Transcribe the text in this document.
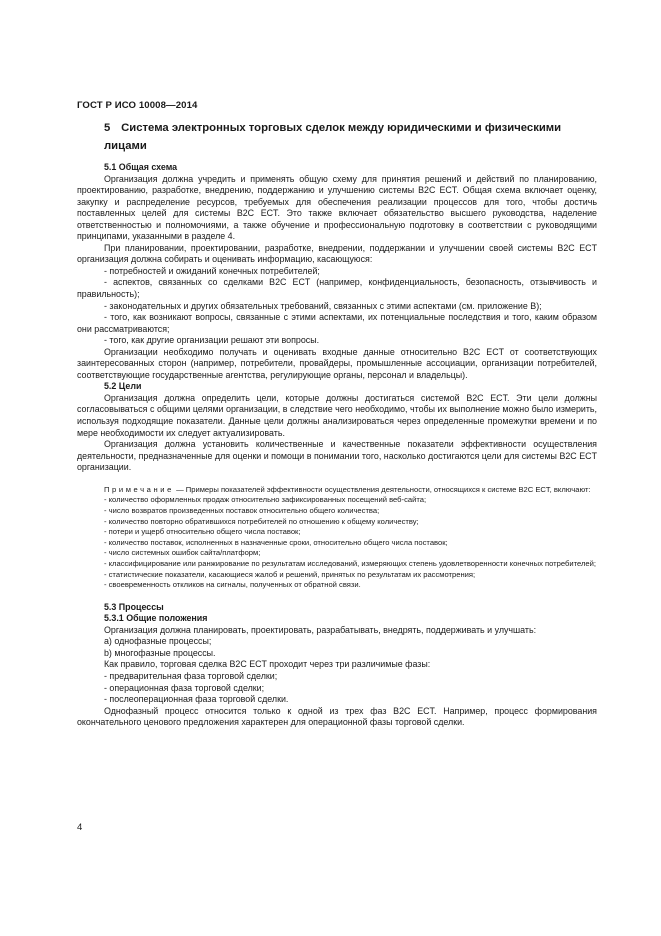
ГОСТ Р ИСО 10008—2014
5 Система электронных торговых сделок между юридическими и физическими лицами

5.1 Общая схема

Организация должна учредить и применять общую схему для принятия решений и действий по планированию, проектированию, разработке, внедрению, поддержанию и улучшению системы B2C ECT. Общая схема включает оценку, закупку и распределение ресурсов, требуемых для обеспечения реализации процессов для того, чтобы достичь поставленных целей для системы B2C ECT. Это также включает обязательство высшего руководства, наделение ответственностью и полномочиями, а также обучение и профессиональную подготовку в соответствии с руководящими принципами, указанными в разделе 4.

При планировании, проектировании, разработке, внедрении, поддержании и улучшении своей системы B2C ECT организация должна собирать и оценивать информацию, касающуюся:

- потребностей и ожиданий конечных потребителей;

- аспектов, связанных со сделками B2C ECT (например, конфиденциальность, безопасность, отзывчивость и правильность);

- законодательных и других обязательных требований, связанных с этими аспектами (см. приложение В);

- того, как возникают вопросы, связанные с этими аспектами, их потенциальные последствия и того, каким образом они рассматриваются;

- того, как другие организации решают эти вопросы.

Организации необходимо получать и оценивать входные данные относительно B2C ECT от соответствующих заинтересованных сторон (например, потребители, провайдеры, промышленные ассоциации, организации потребителей, соответствующие государственные агентства, регулирующие органы, персонал и владельцы).

5.2 Цели

Организация должна определить цели, которые должны достигаться системой B2C ECT. Эти цели должны согласовываться с общими целями организации, в следствие чего необходимо, чтобы их выполнение можно было измерить, используя подходящие показатели. Данные цели должны анализироваться через определенные промежутки времени и по мере необходимости их следует актуализировать.

Организация должна установить количественные и качественные показатели эффективности осуществления деятельности, предназначенные для оценки и помощи в понимании того, насколько достигаются цели для системы B2C ECT организации.

Примечание — Примеры показателей эффективности осуществления деятельности, относящихся к системе B2C ECT, включают:

- количество оформленных продаж относительно зафиксированных посещений веб-сайта;

- число возвратов произведенных поставок относительно общего количества;

- количество повторно обратившихся потребителей по отношению к общему количеству;

- потери и ущерб относительно общего числа поставок;

- количество поставок, исполненных в назначенные сроки, относительно общего числа поставок;

- число системных ошибок сайта/платформ;

- классифицирование или ранжирование по результатам исследований, измеряющих степень удовлетворенности конечных потребителей;

- статистические показатели, касающиеся жалоб и решений, принятых по результатам их рассмотрения;

- своевременность откликов на сигналы, полученных от обратной связи.

5.3 Процессы

5.3.1 Общие положения

Организация должна планировать, проектировать, разрабатывать, внедрять, поддерживать и улучшать:

а) однофазные процессы;

b) многофазные процессы.

Как правило, торговая сделка B2C ECT проходит через три различимые фазы:

- предварительная фаза торговой сделки;

- операционная фаза торговой сделки;

- послеоперационная фаза торговой сделки.

Однофазный процесс относится только к одной из трех фаз B2C ECT. Например, процесс формирования окончательного ценового предложения характерен для операционной фазы торговой сделки.

4
